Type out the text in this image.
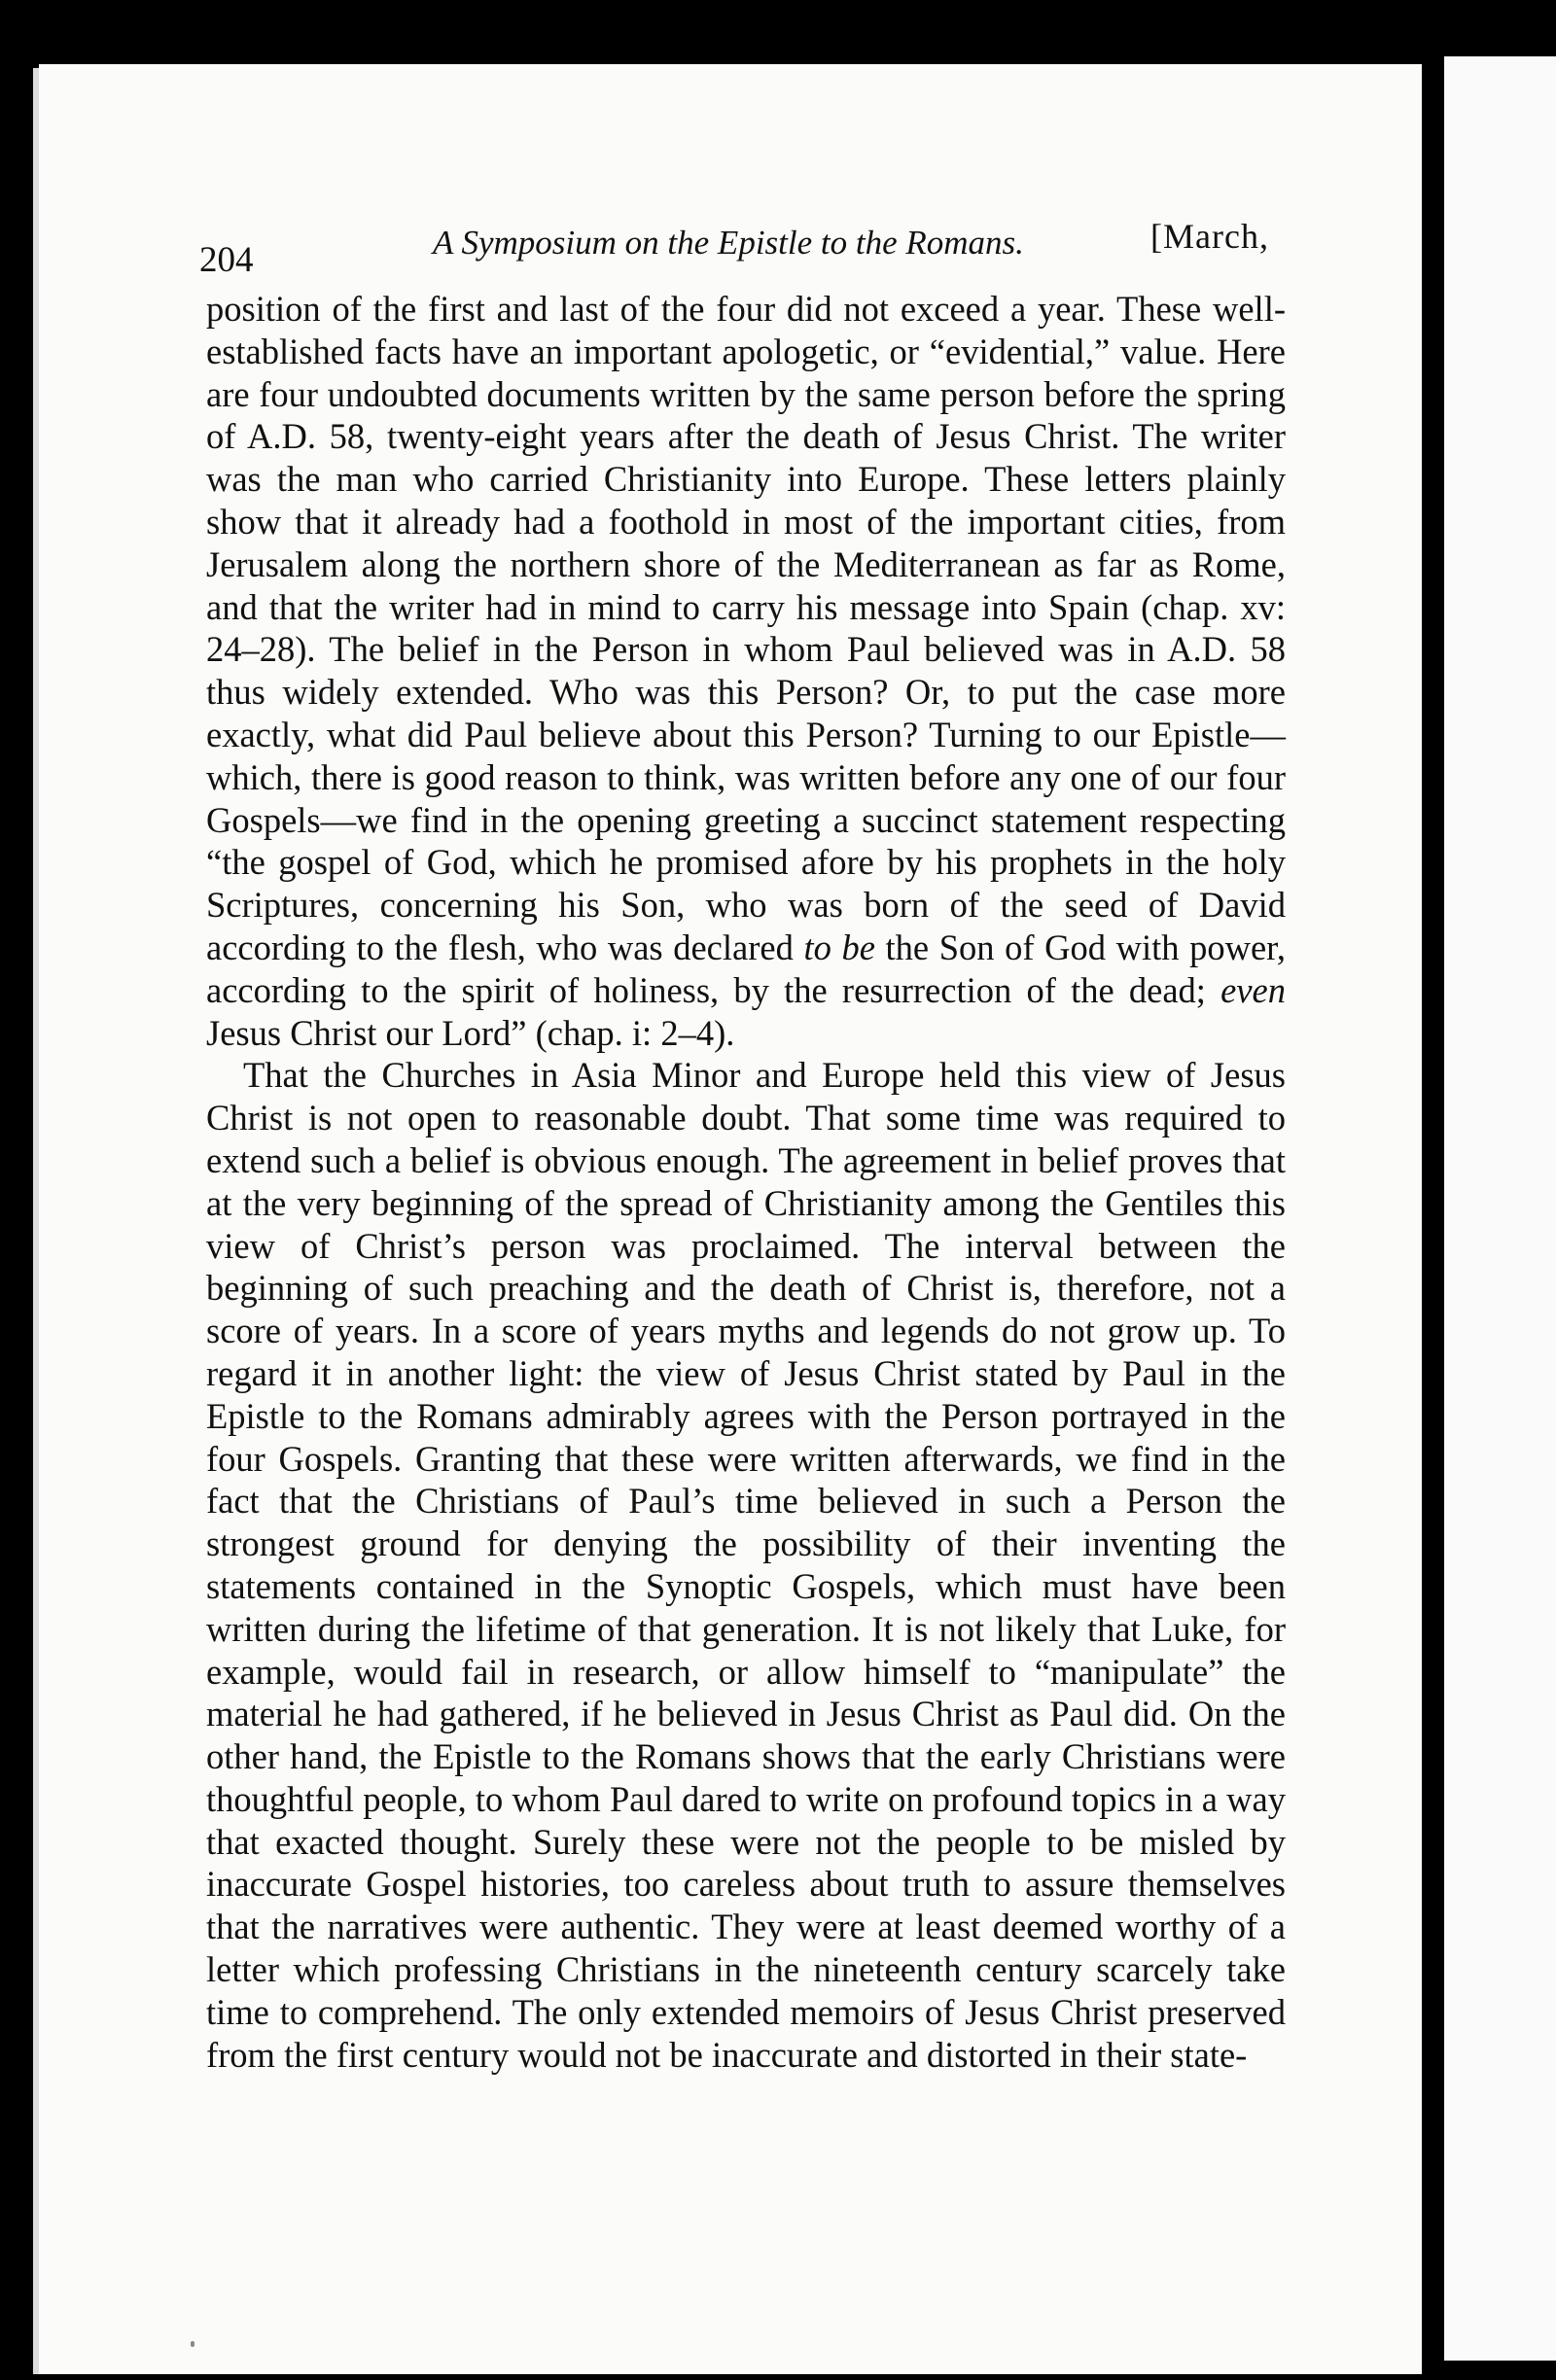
204	A Symposium on the Epistle to the Romans.	[March,

position of the first and last of the four did not exceed a year. These well-established facts have an important apologetic, or “evidential,” value. Here are four undoubted documents written by the same person before the spring of A.D. 58, twenty-eight years after the death of Jesus Christ. The writer was the man who carried Christianity into Europe. These letters plainly show that it already had a foothold in most of the important cities, from Jerusalem along the northern shore of the Mediterranean as far as Rome, and that the writer had in mind to carry his message into Spain (chap. xv: 24–28). The belief in the Person in whom Paul believed was in A.D. 58 thus widely extended. Who was this Person? Or, to put the case more exactly, what did Paul believe about this Person? Turning to our Epistle—which, there is good reason to think, was written before any one of our four Gospels—we find in the opening greeting a succinct statement respecting “the gospel of God, which he promised afore by his prophets in the holy Scriptures, concerning his Son, who was born of the seed of David according to the flesh, who was declared to be the Son of God with power, according to the spirit of holiness, by the resurrection of the dead; even Jesus Christ our Lord” (chap. i: 2–4).

That the Churches in Asia Minor and Europe held this view of Jesus Christ is not open to reasonable doubt. That some time was required to extend such a belief is obvious enough. The agreement in belief proves that at the very beginning of the spread of Christianity among the Gentiles this view of Christ’s person was proclaimed. The interval between the beginning of such preaching and the death of Christ is, therefore, not a score of years. In a score of years myths and legends do not grow up. To regard it in another light: the view of Jesus Christ stated by Paul in the Epistle to the Romans admirably agrees with the Person portrayed in the four Gospels. Granting that these were written afterwards, we find in the fact that the Christians of Paul’s time believed in such a Person the strongest ground for denying the possibility of their inventing the statements contained in the Synoptic Gospels, which must have been written during the lifetime of that generation. It is not likely that Luke, for example, would fail in research, or allow himself to “manipulate” the material he had gathered, if he believed in Jesus Christ as Paul did. On the other hand, the Epistle to the Romans shows that the early Christians were thoughtful people, to whom Paul dared to write on profound topics in a way that exacted thought. Surely these were not the people to be misled by inaccurate Gospel histories, too careless about truth to assure themselves that the narratives were authentic. They were at least deemed worthy of a letter which professing Christians in the nineteenth century scarcely take time to comprehend. The only extended memoirs of Jesus Christ preserved from the first century would not be inaccurate and distorted in their state-
